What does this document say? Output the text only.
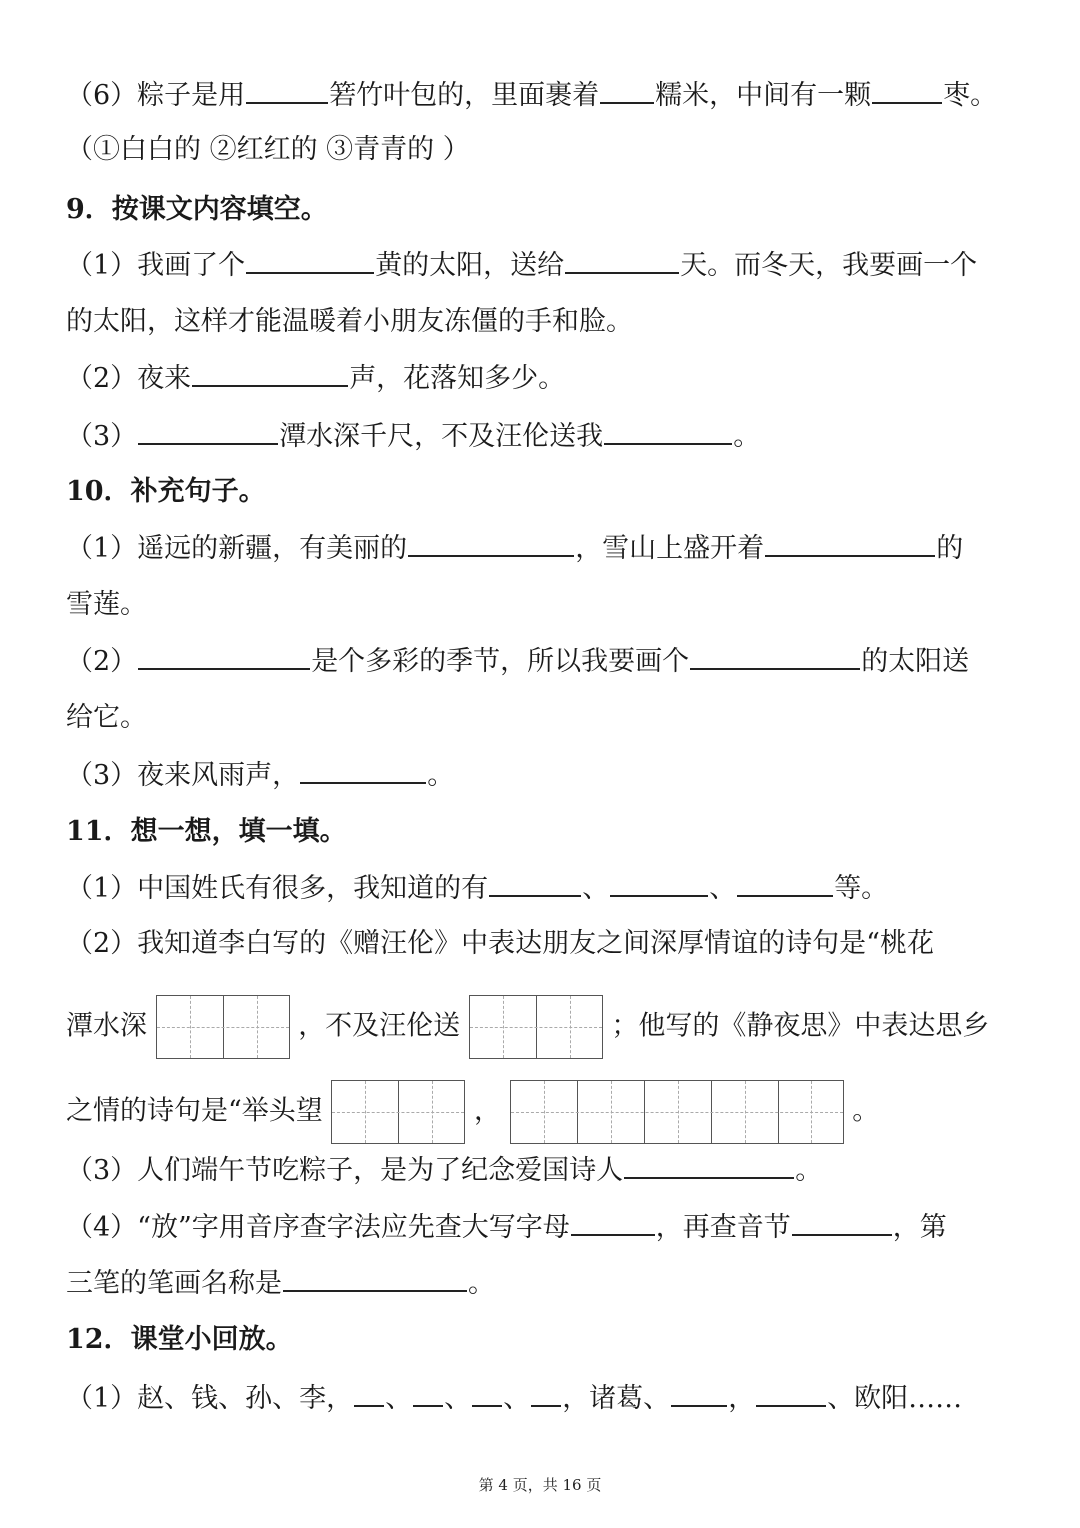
（6）粽子是用	箬竹叶包的，里面裹着 糯米，中间有一颗	枣。
（①白白的 ②红红的 ③青青的 ）
9．按课文内容填空。
（1）我画了个	黄的太阳，送给	天。而冬天，我要画一个
的太阳，这样才能温暖着小朋友冻僵的手和脸。
（2）夜来	声，花落知多少。
（3）	潭水深千尺，不及汪伦送我	。
10．补充句子。
（1）遥远的新疆，有美丽的	，雪山上盛开着	的
雪莲。
（2）	是个多彩的季节，所以我要画个	的太阳送
给它。
（3）夜来风雨声，	。
11．想一想，填一填。
（1）中国姓氏有很多，我知道的有	、	、	等。
（2）我知道李白写的《赠汪伦》中表达朋友之间深厚情谊的诗句是“桃花
潭水深	，不及汪伦送	；他写的《静夜思》中表达思乡
之情的诗句是“举头望	，	。
（3）人们端午节吃粽子，是为了纪念爱国诗人	。
（4）“放”字用音序查字法应先查大写字母	，再查音节	，第
三笔的笔画名称是	。
12．课堂小回放。
（1）赵、钱、孙、李， 、 、 、 ，诸葛、 ，	、欧阳……
第 4 页，共 16 页
